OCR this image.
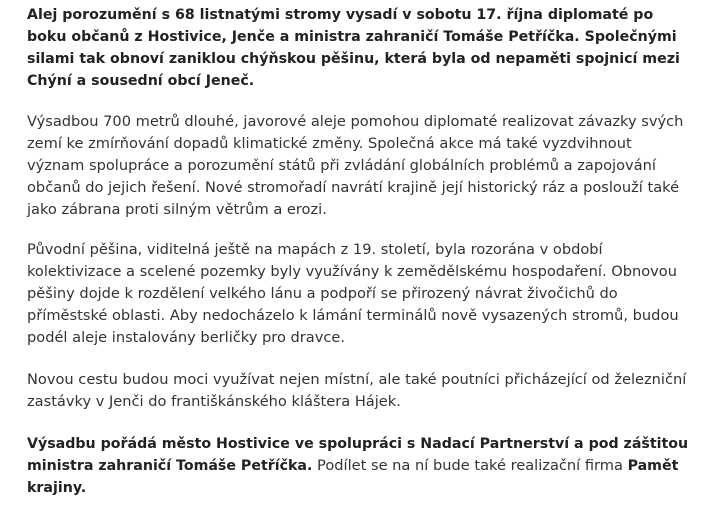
Alej porozumění s 68 listnatými stromy vysadí v sobotu 17. října diplomaté po boku občanů z Hostivice, Jenče a ministra zahraničí Tomáše Petříčka. Společnými silami tak obnoví zaniklou chýňskou pěšinu, která byla od nepaměti spojnicí mezi Chýní a sousední obcí Jeneč.

Výsadbou 700 metrů dlouhé, javorové aleje pomohou diplomaté realizovat závazky svých zemí ke zmírňování dopadů klimatické změny. Společná akce má také vyzdvihnout význam spolupráce a porozumění států při zvládání globálních problémů a zapojování občanů do jejich řešení. Nové stromořadí navrátí krajině její historický ráz a poslouží také jako zábrana proti silným větrům a erozi.

Původní pěšina, viditelná ještě na mapách z 19. století, byla rozorána v období kolektivizace a scelené pozemky byly využívány k zemědělskému hospodaření. Obnovou pěšiny dojde k rozdělení velkého lánu a podpoří se přirozený návrat živočichů do příměstské oblasti. Aby nedocházelo k lámání terminálů nově vysazených stromů, budou podél aleje instalovány berličky pro dravce.

Novou cestu budou moci využívat nejen místní, ale také poutníci přicházející od železniční zastávky v Jenči do františkánského kláštera Hájek.

Výsadbu pořádá město Hostivice ve spolupráci s Nadací Partnerství a pod záštitou ministra zahraničí Tomáše Petříčka. Podílet se na ní bude také realizační firma Pamět krajiny.
